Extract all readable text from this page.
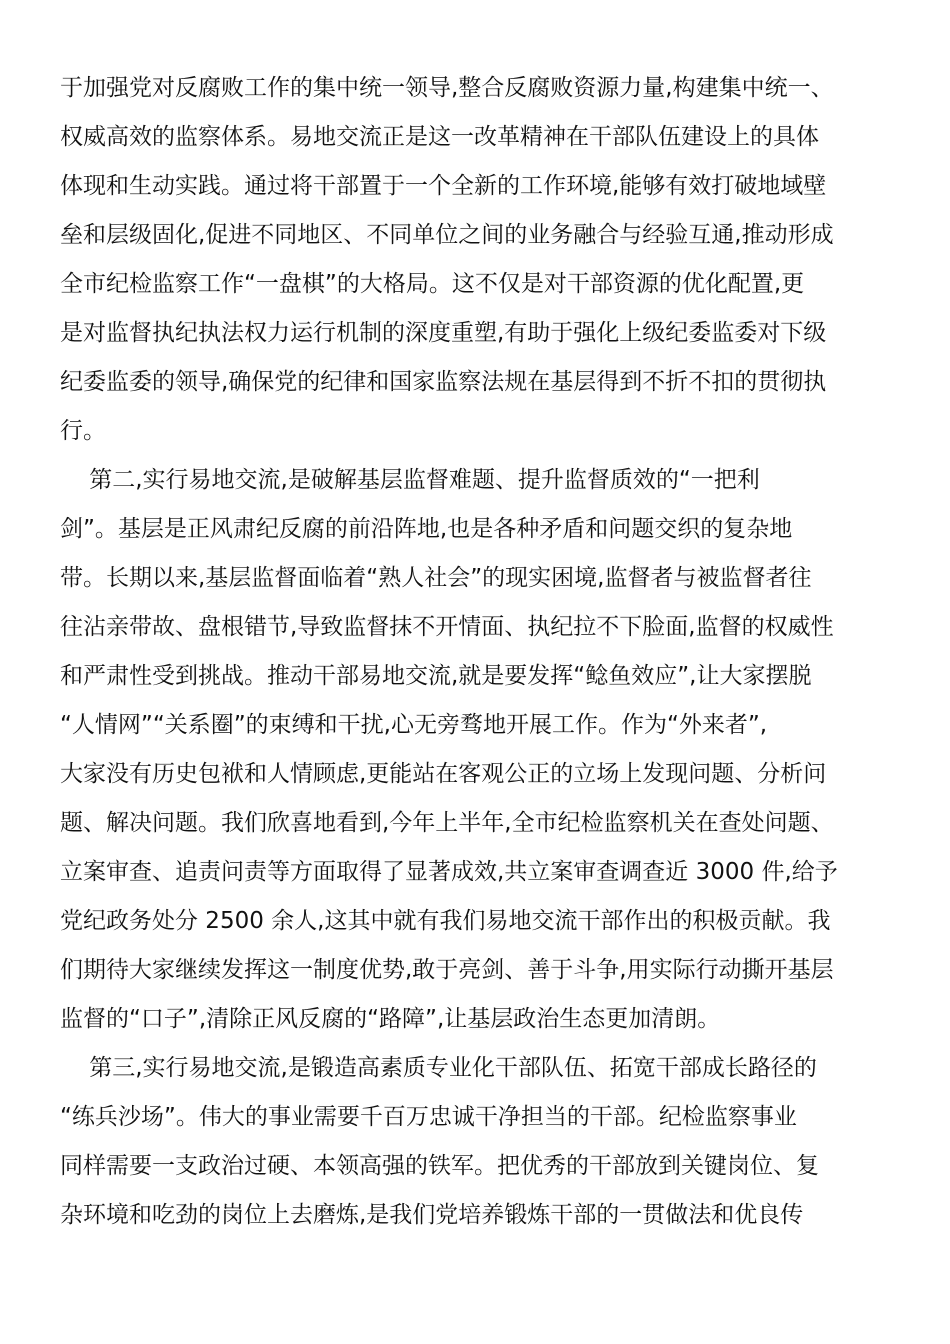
于加强党对反腐败工作的集中统一领导,整合反腐败资源力量,构建集中统一、
权威高效的监察体系。易地交流正是这一改革精神在干部队伍建设上的具体
体现和生动实践。通过将干部置于一个全新的工作环境,能够有效打破地域壁
垒和层级固化,促进不同地区、不同单位之间的业务融合与经验互通,推动形成
全市纪检监察工作“一盘棋”的大格局。这不仅是对干部资源的优化配置,更
是对监督执纪执法权力运行机制的深度重塑,有助于强化上级纪委监委对下级
纪委监委的领导,确保党的纪律和国家监察法规在基层得到不折不扣的贯彻执
行。
第二,实行易地交流,是破解基层监督难题、提升监督质效的“一把利
剑”。基层是正风肃纪反腐的前沿阵地,也是各种矛盾和问题交织的复杂地
带。长期以来,基层监督面临着“熟人社会”的现实困境,监督者与被监督者往
往沾亲带故、盘根错节,导致监督抹不开情面、执纪拉不下脸面,监督的权威性
和严肃性受到挑战。推动干部易地交流,就是要发挥“鲶鱼效应”,让大家摆脱
“人情网”“关系圈”的束缚和干扰,心无旁骛地开展工作。作为“外来者”,
大家没有历史包袱和人情顾虑,更能站在客观公正的立场上发现问题、分析问
题、解决问题。我们欣喜地看到,今年上半年,全市纪检监察机关在查处问题、
立案审查、追责问责等方面取得了显著成效,共立案审查调查近 3000 件,给予
党纪政务处分 2500 余人,这其中就有我们易地交流干部作出的积极贡献。我
们期待大家继续发挥这一制度优势,敢于亮剑、善于斗争,用实际行动撕开基层
监督的“口子”,清除正风反腐的“路障”,让基层政治生态更加清朗。
第三,实行易地交流,是锻造高素质专业化干部队伍、拓宽干部成长路径的
“练兵沙场”。伟大的事业需要千百万忠诚干净担当的干部。纪检监察事业
同样需要一支政治过硬、本领高强的铁军。把优秀的干部放到关键岗位、复
杂环境和吃劲的岗位上去磨炼,是我们党培养锻炼干部的一贯做法和优良传
